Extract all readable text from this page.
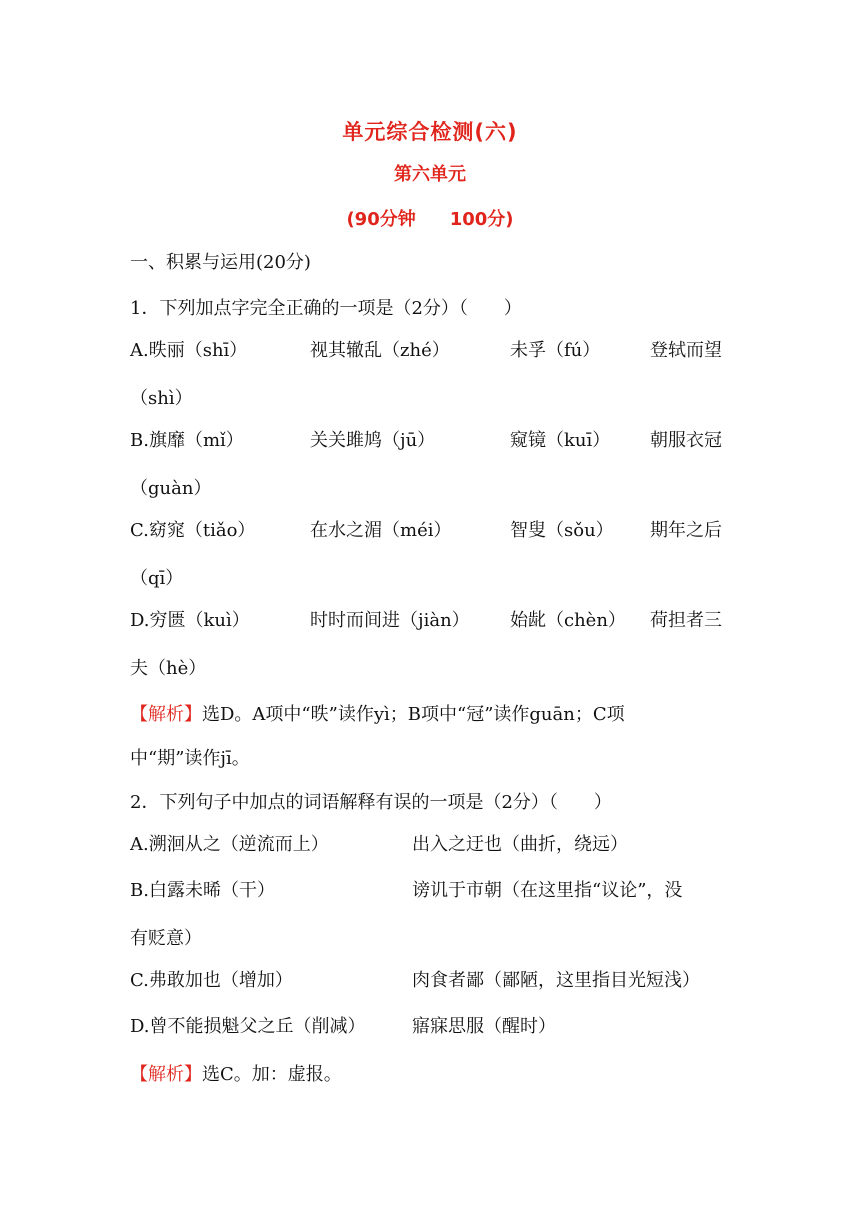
单元综合检测(六)
第六单元
(90分钟 100分)
一、积累与运用(20分)
1．下列加点字完全正确的一项是（2分）（　　）
A.昳丽（shī）	视其辙乱（zhé）	未孚（fú）	登轼而望
（shì）
B.旗靡（mǐ）	关关雎鸠（jū）	窥镜（kuī） 朝服衣冠
（guàn）
C.窈窕（tiǎo）	在水之湄（méi）	智叟（sǒu） 期年之后
（qī）
D.穷匮（kuì）	时时而间进（jiàn） 始龀（chèn） 荷担者三
夫（hè）
【解析】选D。A项中“昳”读作yì；B项中“冠”读作guān；C项
中“期”读作jī。
2．下列句子中加点的词语解释有误的一项是（2分）（　　）
A.溯洄从之（逆流而上）	出入之迂也（曲折，绕远）
B.白露未晞（干）	谤讥于市朝（在这里指“议论”，没
有贬意）
C.弗敢加也（增加）	肉食者鄙（鄙陋，这里指目光短浅）
D.曾不能损魁父之丘（削减）	寤寐思服（醒时）
【解析】选C。加：虚报。
